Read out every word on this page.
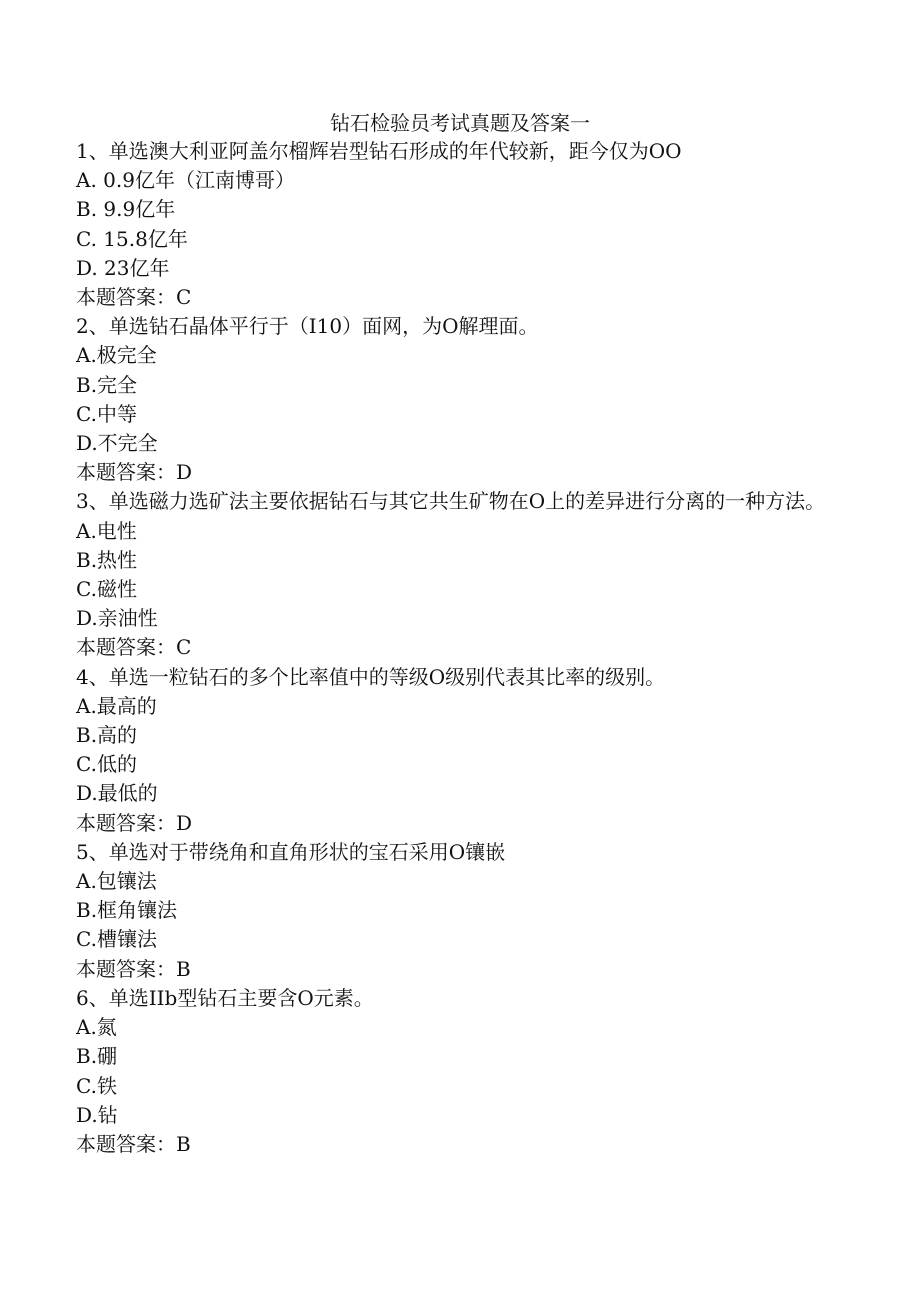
钻石检验员考试真题及答案一
1、单选澳大利亚阿盖尔榴辉岩型钻石形成的年代较新，距今仅为OO
A. 0.9亿年（江南博哥）
B. 9.9亿年
C. 15.8亿年
D. 23亿年
本题答案：C
2、单选钻石晶体平行于（I10）面网，为O解理面。
A.极完全
B.完全
C.中等
D.不完全
本题答案：D
3、单选磁力选矿法主要依据钻石与其它共生矿物在O上的差异进行分离的一种方法。
A.电性
B.热性
C.磁性
D.亲油性
本题答案：C
4、单选一粒钻石的多个比率值中的等级O级别代表其比率的级别。
A.最高的
B.高的
C.低的
D.最低的
本题答案：D
5、单选对于带绕角和直角形状的宝石采用O镶嵌
A.包镶法
B.框角镶法
C.槽镶法
本题答案：B
6、单选IIb型钻石主要含O元素。
A.氮
B.硼
C.铁
D.钻
本题答案：B
